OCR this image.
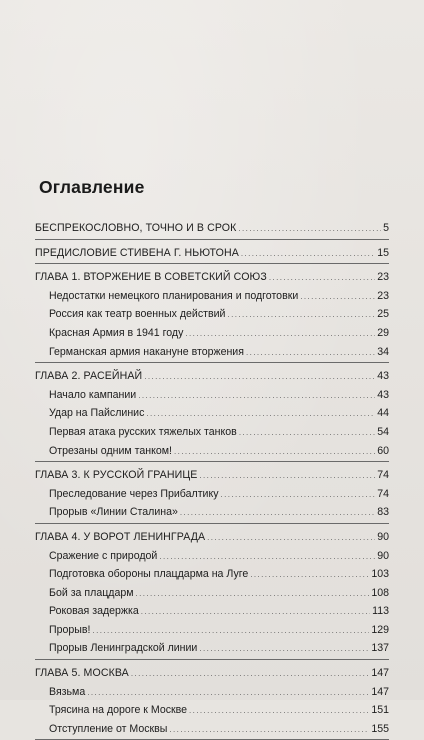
Оглавление
БЕСПРЕКОСЛОВНО, ТОЧНО И В СРОК .....	5
ПРЕДИСЛОВИЕ СТИВЕНА Г. НЬЮТОНА .....	15
ГЛАВА 1. ВТОРЖЕНИЕ В СОВЕТСКИЙ СОЮЗ .....	23
Недостатки немецкого планирования и подготовки .....	23
Россия как театр военных действий .....	25
Красная Армия в 1941 году .....	29
Германская армия накануне вторжения .....	34
ГЛАВА 2. РАСЕЙНАЙ .....	43
Начало кампании .....	43
Удар на Пайслинис .....	44
Первая атака русских тяжелых танков .....	54
Отрезаны одним танком! .....	60
ГЛАВА 3. К РУССКОЙ ГРАНИЦЕ .....	74
Преследование через Прибалтику .....	74
Прорыв «Линии Сталина» .....	83
ГЛАВА 4. У ВОРОТ ЛЕНИНГРАДА .....	90
Сражение с природой .....	90
Подготовка обороны плацдарма на Луге .....	103
Бой за плацдарм .....	108
Роковая задержка .....	113
Прорыв! .....	129
Прорыв Ленинградской линии .....	137
ГЛАВА 5. МОСКВА .....	147
Вязьма .....	147
Трясина на дороге к Москве .....	151
Отступление от Москвы .....	155
